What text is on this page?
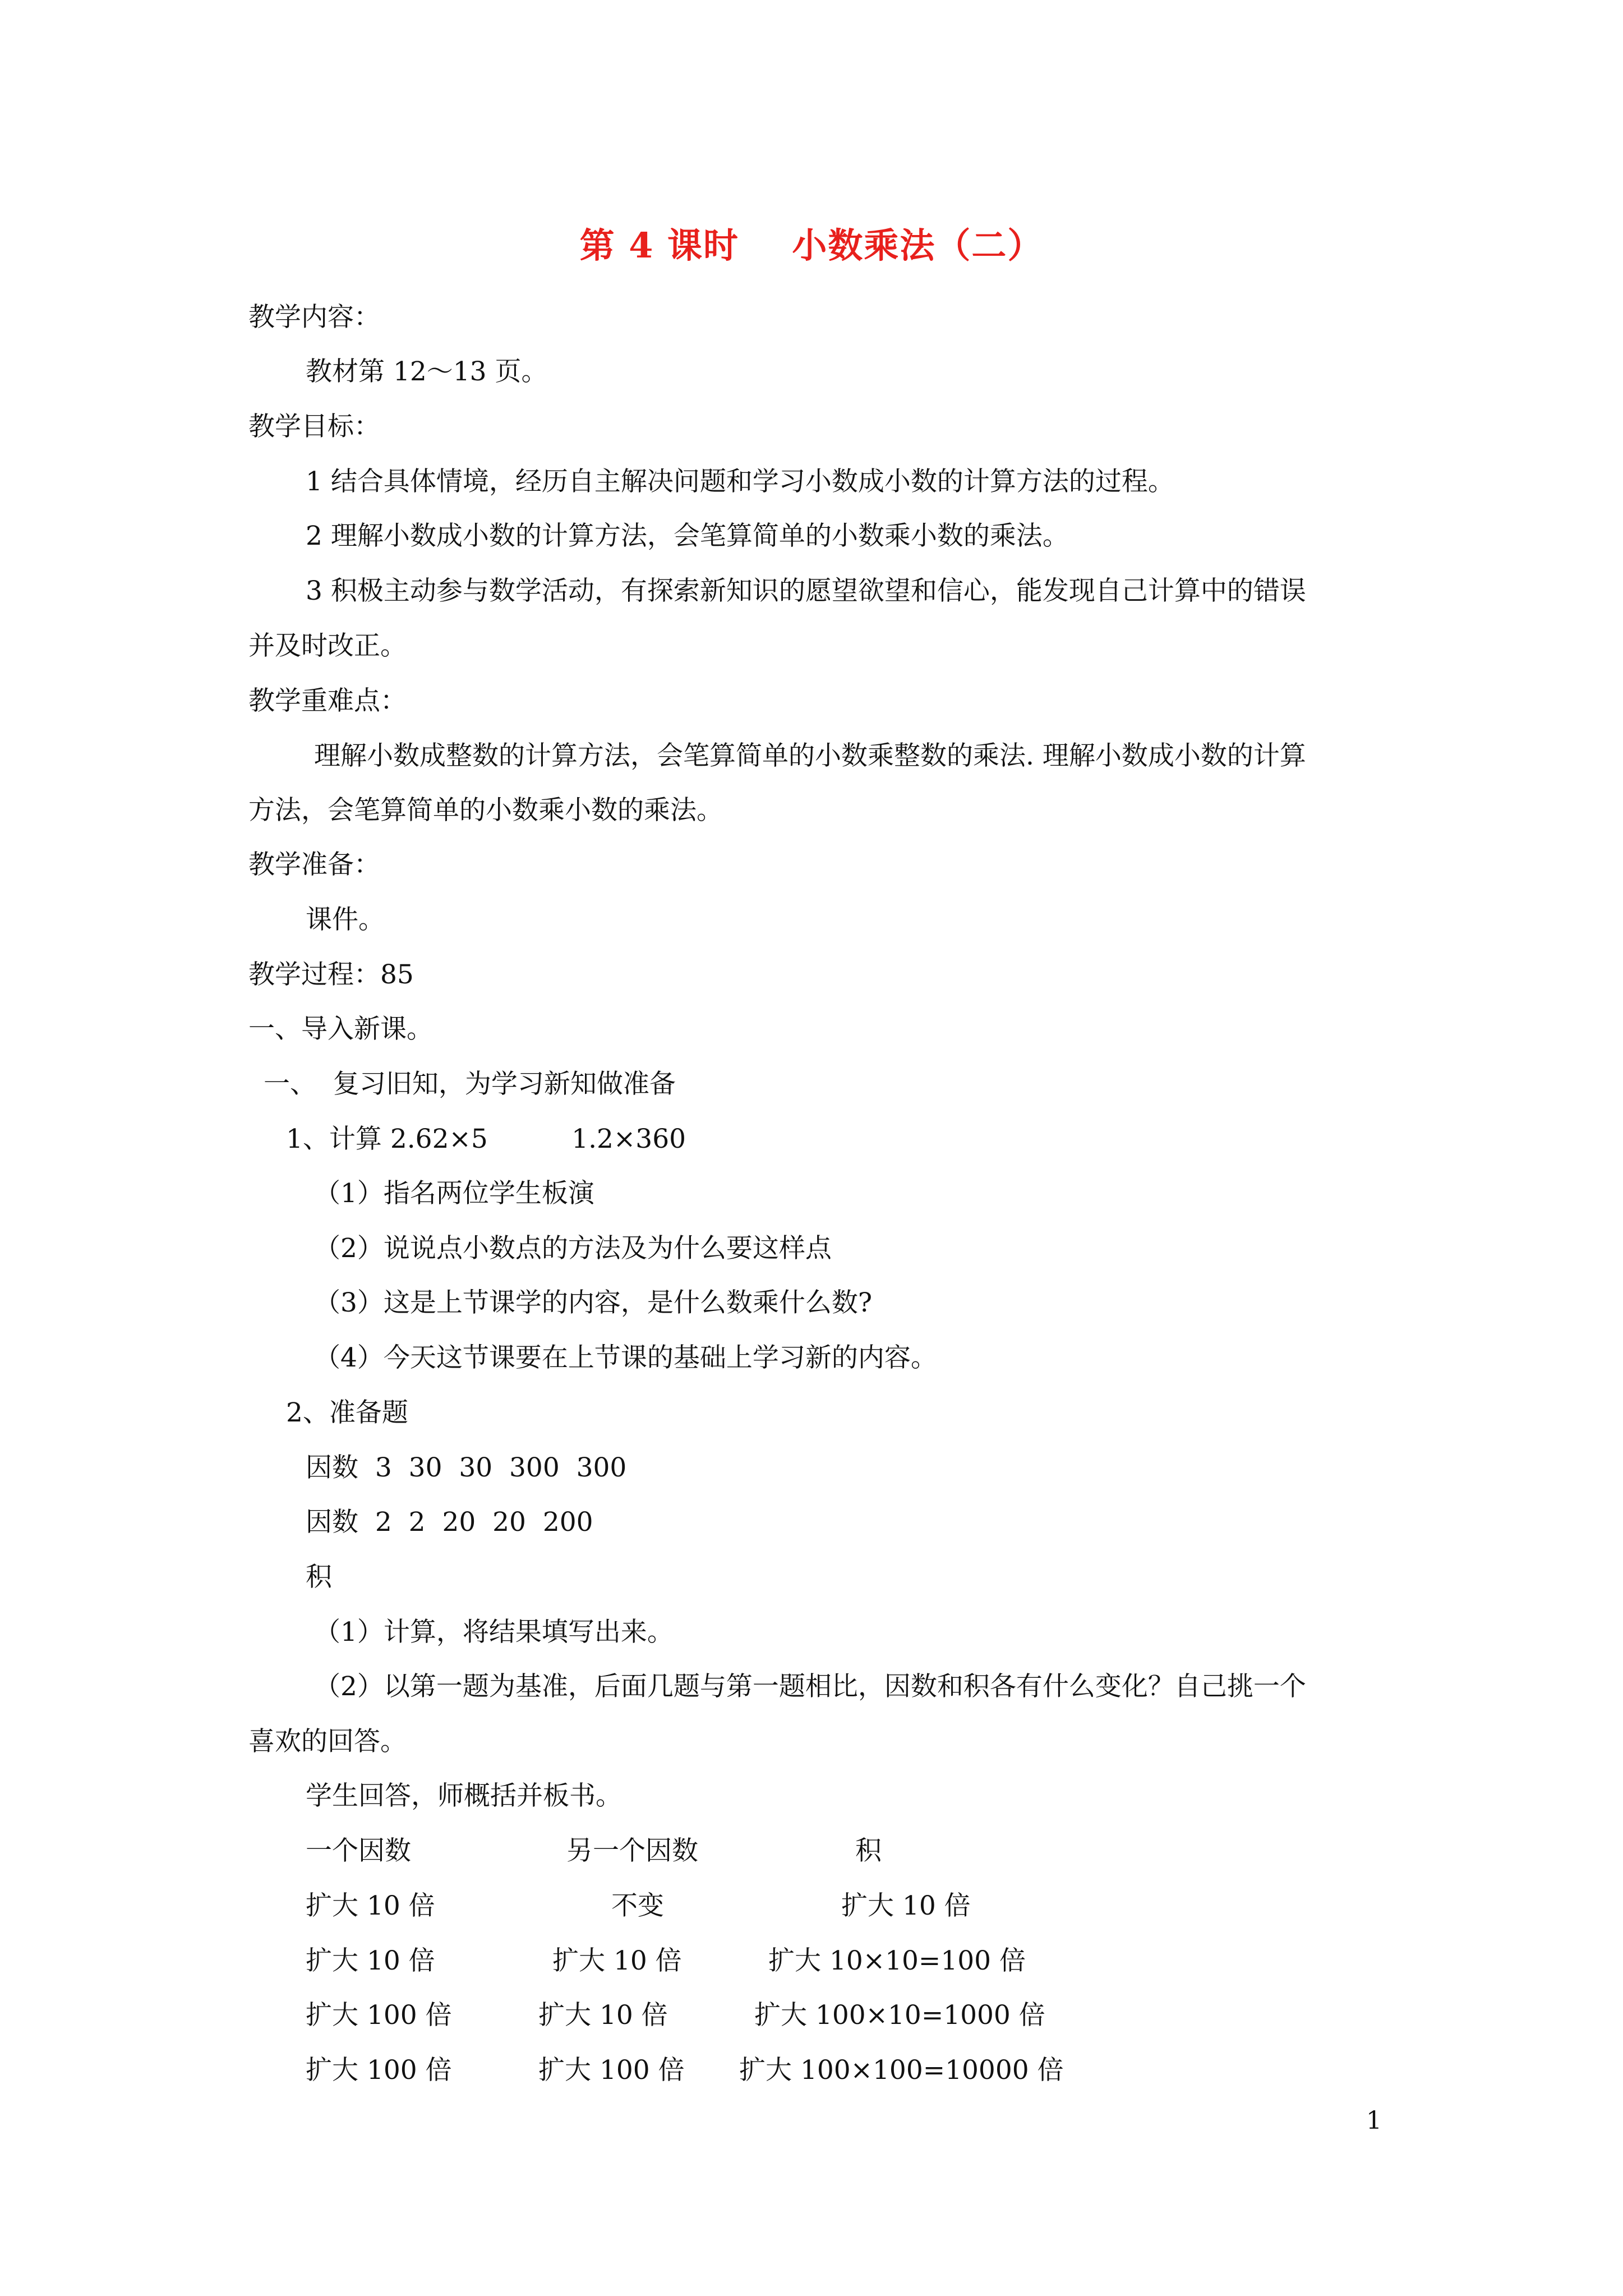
第 4 课时    小数乘法（二）
教学内容：
教材第 12～13 页。
教学目标：
1 结合具体情境，经历自主解决问题和学习小数成小数的计算方法的过程。
2 理解小数成小数的计算方法，会笔算简单的小数乘小数的乘法。
3 积极主动参与数学活动，有探索新知识的愿望欲望和信心，能发现自己计算中的错误
并及时改正。
教学重难点：
理解小数成整数的计算方法，会笔算简单的小数乘整数的乘法. 理解小数成小数的计算
方法，会笔算简单的小数乘小数的乘法。
教学准备：
课件。
教学过程：85
一、导入新课。
一、  复习旧知，为学习新知做准备
1、计算 2.62×5          1.2×360
（1）指名两位学生板演
（2）说说点小数点的方法及为什么要这样点
（3）这是上节课学的内容，是什么数乘什么数?
（4）今天这节课要在上节课的基础上学习新的内容。
2、准备题
因数  3  30  30  300  300
因数  2  2  20  20  200
积
（1）计算，将结果填写出来。
（2）以第一题为基准，后面几题与第一题相比，因数和积各有什么变化？自己挑一个
喜欢的回答。
学生回答，师概括并板书。
一个因数	另一个因数	积
扩大 10 倍	不变	扩大 10 倍
扩大 10 倍	扩大 10 倍	扩大 10×10=100 倍
扩大 100 倍	扩大 10 倍	扩大 100×10=1000 倍
扩大 100 倍	扩大 100 倍 扩大 100×100=10000 倍
1
